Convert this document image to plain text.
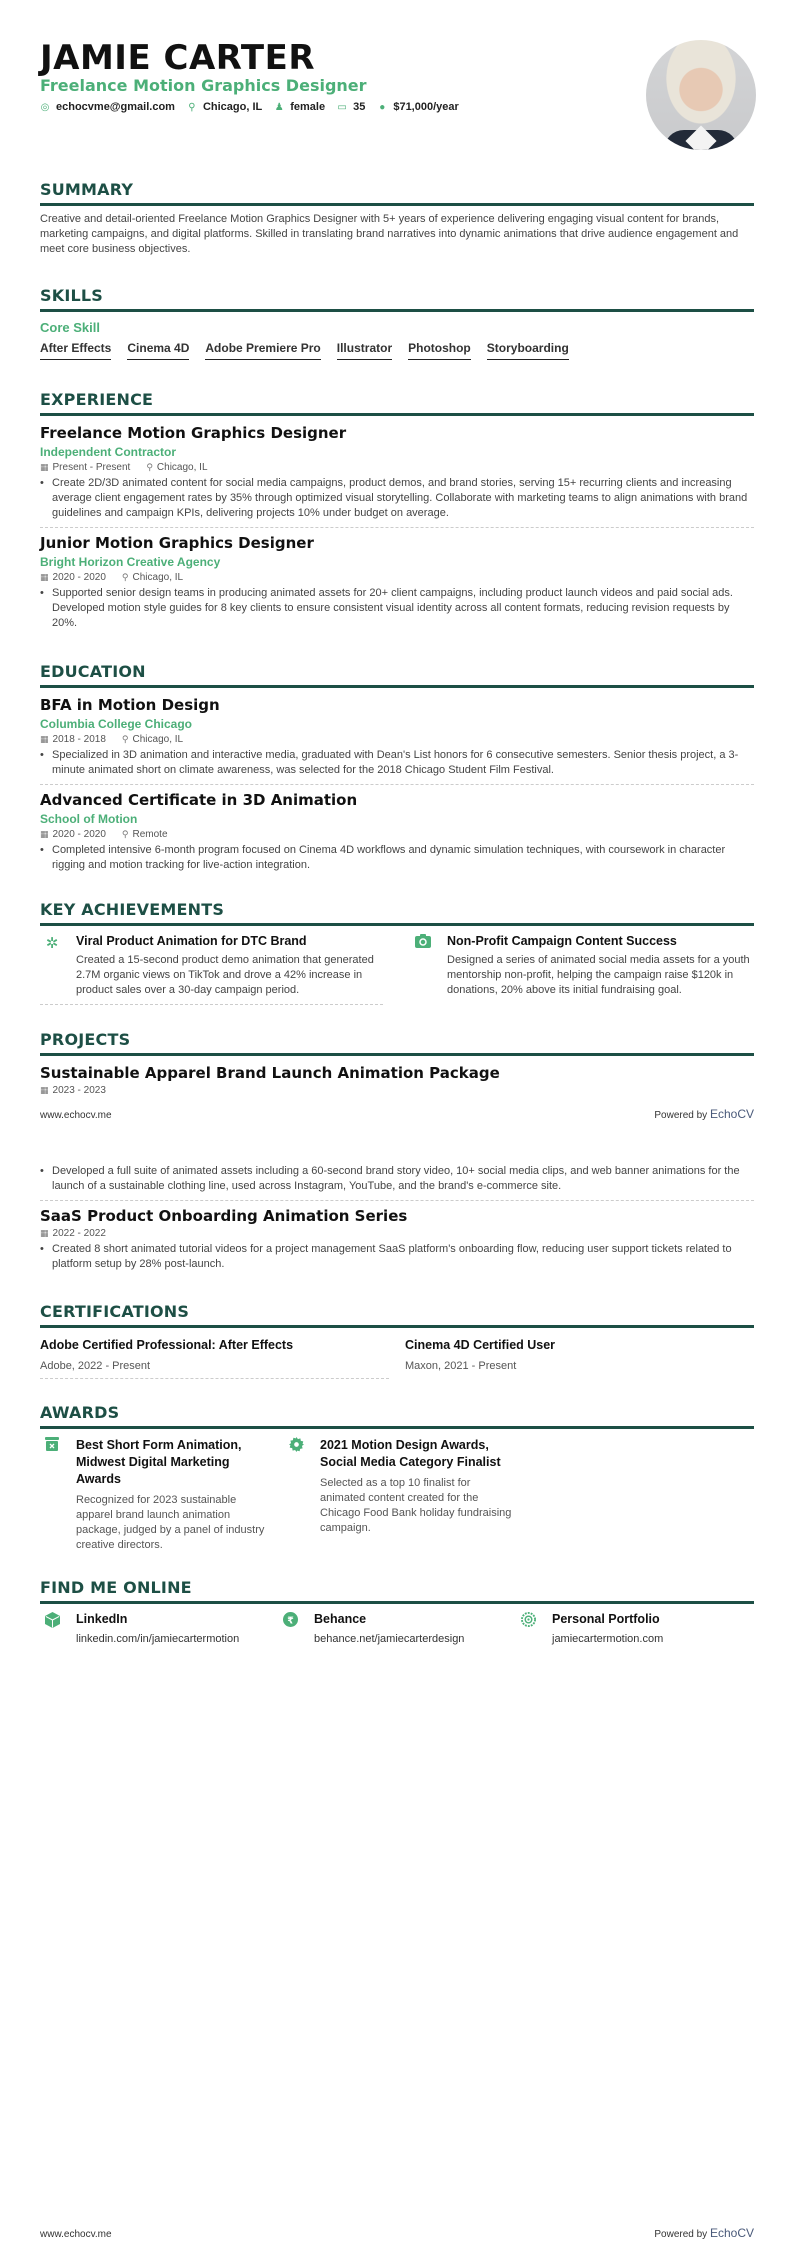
JAMIE CARTER
Freelance Motion Graphics Designer
◎ echocvme@gmail.com ⚲ Chicago, IL ♟ female ▭ 35 ● $71,000/year
SUMMARY

Creative and detail-oriented Freelance Motion Graphics Designer with 5+ years of experience delivering engaging visual content for brands, marketing campaigns, and digital platforms. Skilled in translating brand narratives into dynamic animations that drive audience engagement and meet core business objectives.

SKILLS
Core Skill
After Effects Cinema 4D Adobe Premiere Pro Illustrator Photoshop Storyboarding
EXPERIENCE
Freelance Motion Graphics Designer
Independent Contractor
▦ Present - Present ⚲ Chicago, IL
• Create 2D/3D animated content for social media campaigns, product demos, and brand stories, serving 15+ recurring clients and increasing average client engagement rates by 35% through optimized visual storytelling. Collaborate with marketing teams to align animations with brand guidelines and campaign KPIs, delivering projects 10% under budget on average.
Junior Motion Graphics Designer
Bright Horizon Creative Agency
▦ 2020 - 2020 ⚲ Chicago, IL
• Supported senior design teams in producing animated assets for 20+ client campaigns, including product launch videos and paid social ads. Developed motion style guides for 8 key clients to ensure consistent visual identity across all content formats, reducing revision requests by 20%.
EDUCATION
BFA in Motion Design
Columbia College Chicago
▦ 2018 - 2018 ⚲ Chicago, IL
• Specialized in 3D animation and interactive media, graduated with Dean's List honors for 6 consecutive semesters. Senior thesis project, a 3-minute animated short on climate awareness, was selected for the 2018 Chicago Student Film Festival.
Advanced Certificate in 3D Animation
School of Motion
▦ 2020 - 2020 ⚲ Remote
• Completed intensive 6-month program focused on Cinema 4D workflows and dynamic simulation techniques, with coursework in character rigging and motion tracking for live-action integration.
KEY ACHIEVEMENTS
✲	Viral Product Animation for DTC Brand
Created a 15-second product demo animation that generated 2.7M organic views on TikTok and drove a 42% increase in product sales over a 30-day campaign period.
Non-Profit Campaign Content Success
Designed a series of animated social media assets for a youth mentorship non-profit, helping the campaign raise $120k in donations, 20% above its initial fundraising goal.
PROJECTS
Sustainable Apparel Brand Launch Animation Package
▦ 2023 - 2023
www.echocv.me	Powered by EchoCV
• Developed a full suite of animated assets including a 60-second brand story video, 10+ social media clips, and web banner animations for the launch of a sustainable clothing line, used across Instagram, YouTube, and the brand's e-commerce site.
SaaS Product Onboarding Animation Series
▦ 2022 - 2022
• Created 8 short animated tutorial videos for a project management SaaS platform's onboarding flow, reducing user support tickets related to platform setup by 28% post-launch.
CERTIFICATIONS
Adobe Certified Professional: After Effects
Adobe, 2022 - Present
Cinema 4D Certified User
Maxon, 2021 - Present
AWARDS
Best Short Form Animation, Midwest Digital Marketing Awards
Recognized for 2023 sustainable apparel brand launch animation package, judged by a panel of industry creative directors.
2021 Motion Design Awards, Social Media Category Finalist
Selected as a top 10 finalist for animated content created for the Chicago Food Bank holiday fundraising campaign.
FIND ME ONLINE
LinkedIn
linkedin.com/in/jamiecartermotion
₹ Behance
behance.net/jamiecarterdesign
Personal Portfolio
jamiecartermotion.com
www.echocv.me	Powered by EchoCV
